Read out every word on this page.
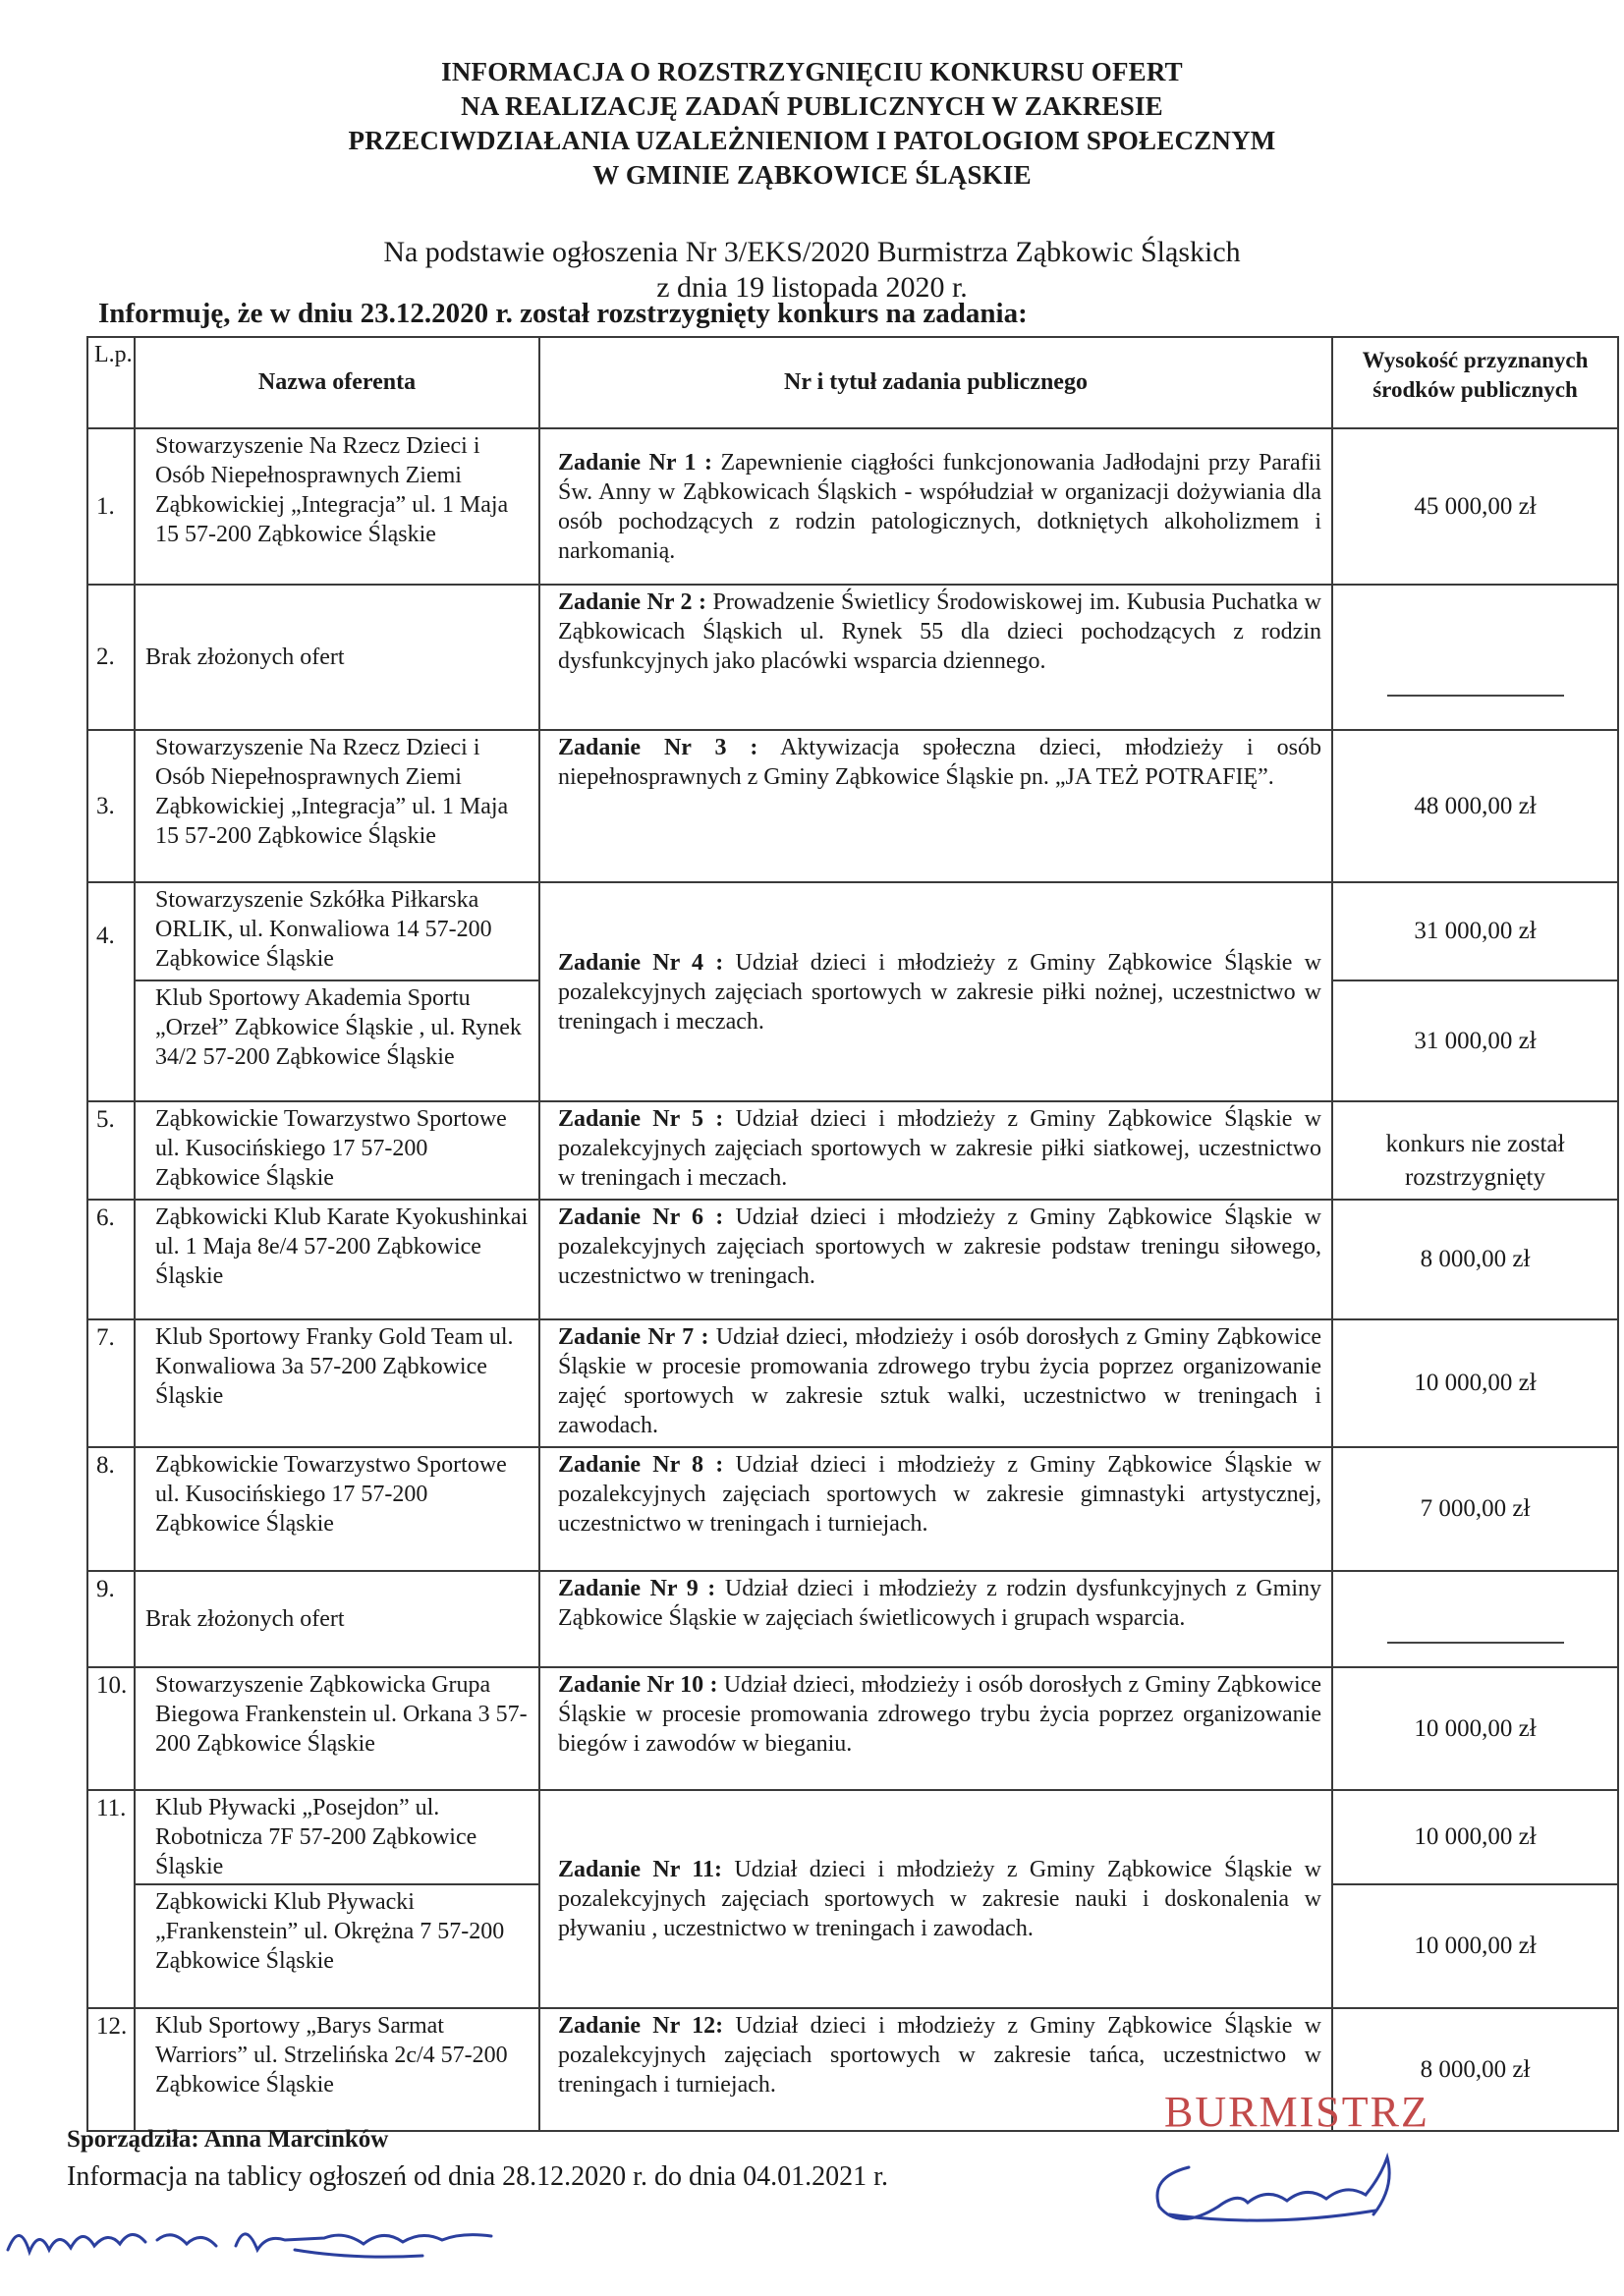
INFORMACJA O ROZSTRZYGNIĘCIU KONKURSU OFERT
NA REALIZACJĘ ZADAŃ PUBLICZNYCH W ZAKRESIE
PRZECIWDZIAŁANIA UZALEŻNIENIOM I PATOLOGIOM SPOŁECZNYM
W GMINIE ZĄBKOWICE ŚLĄSKIE
Na podstawie ogłoszenia Nr 3/EKS/2020 Burmistrza Ząbkowic Śląskich
z dnia 19 listopada 2020 r.
Informuję, że w dniu 23.12.2020 r. został rozstrzygnięty konkurs na zadania:
L.p.	Nazwa oferenta	Nr i tytuł zadania publicznego	Wysokość przyznanych środków publicznych
1.	Stowarzyszenie Na Rzecz Dzieci i Osób Niepełnosprawnych Ziemi Ząbkowickiej „Integracja” ul. 1 Maja 15 57-200 Ząbkowice Śląskie	Zadanie Nr 1 : Zapewnienie ciągłości funkcjonowania Jadłodajni przy Parafii Św. Anny w Ząbkowicach Śląskich - współudział w organizacji dożywiania dla osób pochodzących z rodzin patologicznych, dotkniętych alkoholizmem i narkomanią.	45 000,00 zł
2.	Brak złożonych ofert	Zadanie Nr 2 : Prowadzenie Świetlicy Środowiskowej im. Kubusia Puchatka w Ząbkowicach Śląskich ul. Rynek 55 dla dzieci pochodzących z rodzin dysfunkcyjnych jako placówki wsparcia dziennego.	

3.	Stowarzyszenie Na Rzecz Dzieci i Osób Niepełnosprawnych Ziemi Ząbkowickiej „Integracja” ul. 1 Maja 15 57-200 Ząbkowice Śląskie	Zadanie Nr 3 : Aktywizacja społeczna dzieci, młodzieży i osób niepełnosprawnych z Gminy Ząbkowice Śląskie pn. „JA TEŻ POTRAFIĘ”.	48 000,00 zł
4.	Stowarzyszenie Szkółka Piłkarska ORLIK, ul. Konwaliowa 14 57-200 Ząbkowice Śląskie	Zadanie Nr 4 : Udział dzieci i młodzieży z Gminy Ząbkowice Śląskie w pozalekcyjnych zajęciach sportowych w zakresie piłki nożnej, uczestnictwo w treningach i meczach.	31 000,00 zł
	Klub Sportowy Akademia Sportu „Orzeł” Ząbkowice Śląskie , ul. Rynek 34/2 57-200 Ząbkowice Śląskie		31 000,00 zł
5.	Ząbkowickie Towarzystwo Sportowe ul. Kusocińskiego 17 57-200 Ząbkowice Śląskie	Zadanie Nr 5 : Udział dzieci i młodzieży z Gminy Ząbkowice Śląskie w pozalekcyjnych zajęciach sportowych w zakresie piłki siatkowej, uczestnictwo w treningach i meczach.	konkurs nie został rozstrzygnięty
6.	Ząbkowicki Klub Karate Kyokushinkai ul. 1 Maja 8e/4 57-200 Ząbkowice Śląskie	Zadanie Nr 6 : Udział dzieci i młodzieży z Gminy Ząbkowice Śląskie w pozalekcyjnych zajęciach sportowych w zakresie podstaw treningu siłowego, uczestnictwo w treningach.	8 000,00 zł
7.	Klub Sportowy Franky Gold Team ul. Konwaliowa 3a 57-200 Ząbkowice Śląskie	Zadanie Nr 7 : Udział dzieci, młodzieży i osób dorosłych z Gminy Ząbkowice Śląskie w procesie promowania zdrowego trybu życia poprzez organizowanie zajęć sportowych w zakresie sztuk walki, uczestnictwo w treningach i zawodach.	10 000,00 zł
8.	Ząbkowickie Towarzystwo Sportowe ul. Kusocińskiego 17 57-200 Ząbkowice Śląskie	Zadanie Nr 8 : Udział dzieci i młodzieży z Gminy Ząbkowice Śląskie w pozalekcyjnych zajęciach sportowych w zakresie gimnastyki artystycznej, uczestnictwo w treningach i turniejach.	7 000,00 zł
9.	Brak złożonych ofert	Zadanie Nr 9 : Udział dzieci i młodzieży z rodzin dysfunkcyjnych z Gminy Ząbkowice Śląskie w zajęciach świetlicowych i grupach wsparcia.	

10.	Stowarzyszenie Ząbkowicka Grupa Biegowa Frankenstein ul. Orkana 3 57-200 Ząbkowice Śląskie	Zadanie Nr 10 : Udział dzieci, młodzieży i osób dorosłych z Gminy Ząbkowice Śląskie w procesie promowania zdrowego trybu życia poprzez organizowanie biegów i zawodów w bieganiu.	10 000,00 zł
11.	Klub Pływacki „Posejdon” ul. Robotnicza 7F 57-200 Ząbkowice Śląskie	Zadanie Nr 11: Udział dzieci i młodzieży z Gminy Ząbkowice Śląskie w pozalekcyjnych zajęciach sportowych w zakresie nauki i doskonalenia w pływaniu , uczestnictwo w treningach i zawodach.	10 000,00 zł
	Ząbkowicki Klub Pływacki „Frankenstein” ul. Okrężna 7 57-200 Ząbkowice Śląskie		10 000,00 zł
12.	Klub Sportowy „Barys Sarmat Warriors” ul. Strzelińska 2c/4 57-200 Ząbkowice Śląskie	Zadanie Nr 12: Udział dzieci i młodzieży z Gminy Ząbkowice Śląskie w pozalekcyjnych zajęciach sportowych w zakresie tańca, uczestnictwo w treningach i turniejach.	8 000,00 zł
Sporządziła: Anna Marcinków
Informacja na tablicy ogłoszeń od dnia 28.12.2020 r. do dnia 04.01.2021 r.
BURMISTRZ
